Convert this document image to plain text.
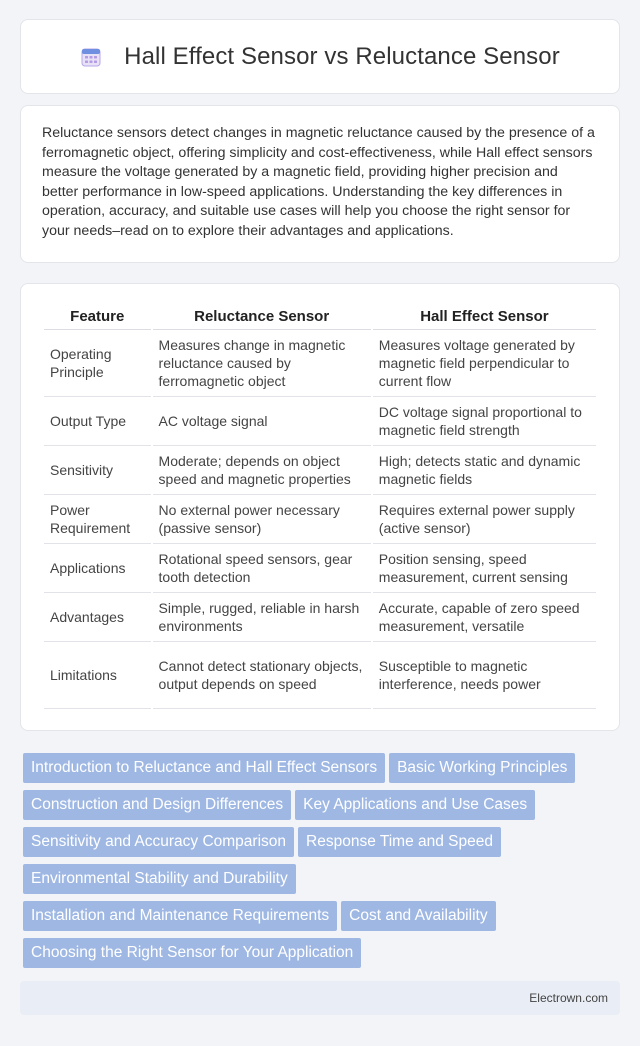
Hall Effect Sensor vs Reluctance Sensor

Reluctance sensors detect changes in magnetic reluctance caused by the presence of a ferromagnetic object, offering simplicity and cost-effectiveness, while Hall effect sensors measure the voltage generated by a magnetic field, providing higher precision and better performance in low-speed applications. Understanding the key differences in operation, accuracy, and suitable use cases will help you choose the right sensor for your needs–read on to explore their advantages and applications.

Feature	Reluctance Sensor	Hall Effect Sensor
Operating Principle	Measures change in magnetic reluctance caused by ferromagnetic object	Measures voltage generated by magnetic field perpendicular to current flow
Output Type	AC voltage signal	DC voltage signal proportional to magnetic field strength
Sensitivity	Moderate; depends on object speed and magnetic properties	High; detects static and dynamic magnetic fields
Power Requirement	No external power necessary (passive sensor)	Requires external power supply (active sensor)
Applications	Rotational speed sensors, gear tooth detection	Position sensing, speed measurement, current sensing
Advantages	Simple, rugged, reliable in harsh environments	Accurate, capable of zero speed measurement, versatile
Limitations	Cannot detect stationary objects, output depends on speed	Susceptible to magnetic interference, needs power
Introduction to Reluctance and Hall Effect Sensors Basic Working Principles
Construction and Design Differences Key Applications and Use Cases
Sensitivity and Accuracy Comparison Response Time and Speed
Environmental Stability and Durability
Installation and Maintenance Requirements Cost and Availability
Choosing the Right Sensor for Your Application
Electrown.com
